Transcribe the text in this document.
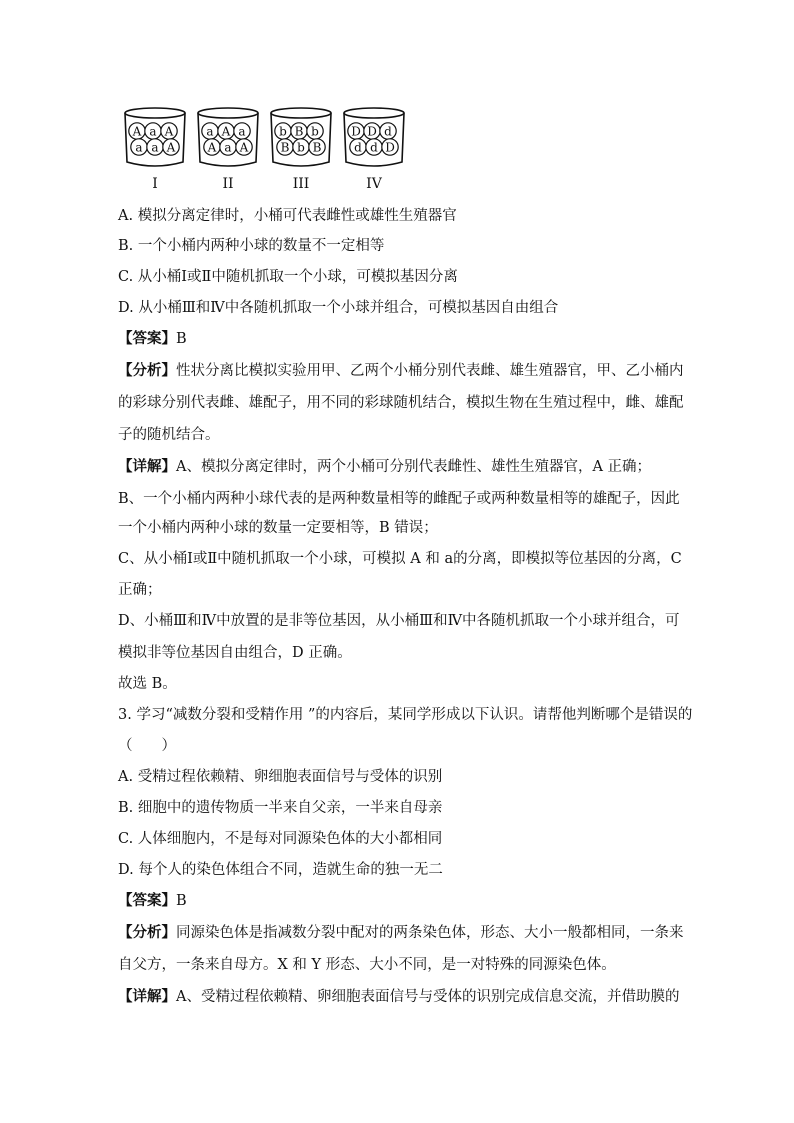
A a A
a a A
I
a A a
A a A
II
b B b
B b B
III
D D d
d d D
IV
A. 模拟分离定律时，小桶可代表雌性或雄性生殖器官
B. 一个小桶内两种小球的数量不一定相等
C. 从小桶Ⅰ或Ⅱ中随机抓取一个小球，可模拟基因分离
D. 从小桶Ⅲ和Ⅳ中各随机抓取一个小球并组合，可模拟基因自由组合
【答案】B
【分析】性状分离比模拟实验用甲、乙两个小桶分别代表雌、雄生殖器官，甲、乙小桶内
的彩球分别代表雌、雄配子，用不同的彩球随机结合，模拟生物在生殖过程中，雌、雄配
子的随机结合。
【详解】A、模拟分离定律时，两个小桶可分别代表雌性、雄性生殖器官，A 正确；
B、一个小桶内两种小球代表的是两种数量相等的雌配子或两种数量相等的雄配子，因此
一个小桶内两种小球的数量一定要相等，B 错误；
C、从小桶Ⅰ或Ⅱ中随机抓取一个小球，可模拟 A 和 a的分离，即模拟等位基因的分离，C
正确；
D、小桶Ⅲ和Ⅳ中放置的是非等位基因，从小桶Ⅲ和Ⅳ中各随机抓取一个小球并组合，可
模拟非等位基因自由组合，D 正确。
故选 B。
3. 学习“减数分裂和受精作用 ”的内容后，某同学形成以下认识。请帮他判断哪个是错误的
（　　）
A. 受精过程依赖精、卵细胞表面信号与受体的识别
B. 细胞中的遗传物质一半来自父亲，一半来自母亲
C. 人体细胞内，不是每对同源染色体的大小都相同
D. 每个人的染色体组合不同，造就生命的独一无二
【答案】B
【分析】同源染色体是指减数分裂中配对的两条染色体，形态、大小一般都相同，一条来
自父方，一条来自母方。X 和 Y 形态、大小不同，是一对特殊的同源染色体。
【详解】A、受精过程依赖精、卵细胞表面信号与受体的识别完成信息交流，并借助膜的
